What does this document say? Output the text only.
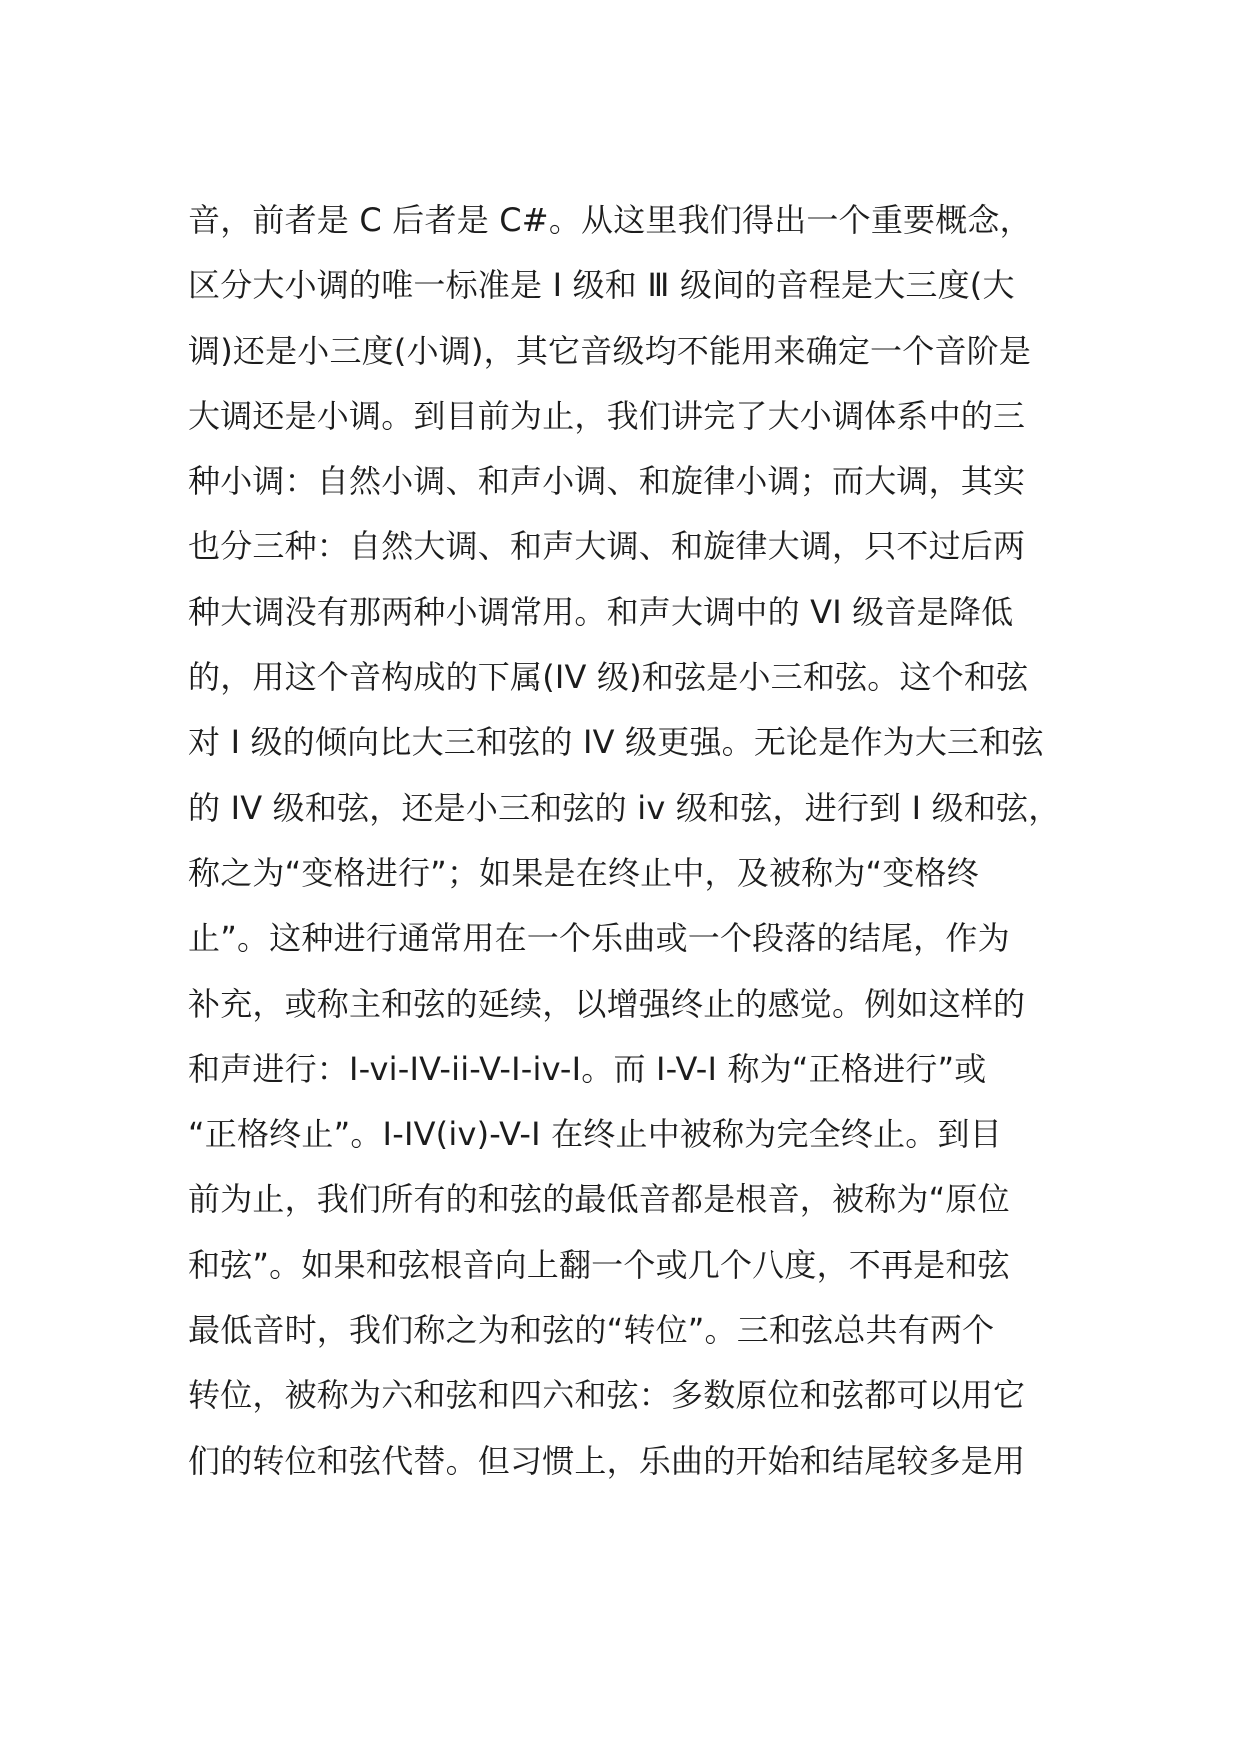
音，前者是 C 后者是 C#。从这里我们得出一个重要概念，
区分大小调的唯一标准是 I 级和 Ⅲ 级间的音程是大三度(大
调)还是小三度(小调)，其它音级均不能用来确定一个音阶是
大调还是小调。到目前为止，我们讲完了大小调体系中的三
种小调：自然小调、和声小调、和旋律小调；而大调，其实
也分三种：自然大调、和声大调、和旋律大调，只不过后两
种大调没有那两种小调常用。和声大调中的 VI 级音是降低
的，用这个音构成的下属(IV 级)和弦是小三和弦。这个和弦
对 I 级的倾向比大三和弦的 IV 级更强。无论是作为大三和弦
的 IV 级和弦，还是小三和弦的 iv 级和弦，进行到 I 级和弦，
称之为“变格进行”；如果是在终止中，及被称为“变格终
止”。这种进行通常用在一个乐曲或一个段落的结尾，作为
补充，或称主和弦的延续，以增强终止的感觉。例如这样的
和声进行：I-vi-IV-ii-V-I-iv-I。而 I-V-I 称为“正格进行”或
“正格终止”。I-IV(iv)-V-I 在终止中被称为完全终止。到目
前为止，我们所有的和弦的最低音都是根音，被称为“原位
和弦”。如果和弦根音向上翻一个或几个八度，不再是和弦
最低音时，我们称之为和弦的“转位”。三和弦总共有两个
转位，被称为六和弦和四六和弦：多数原位和弦都可以用它
们的转位和弦代替。但习惯上，乐曲的开始和结尾较多是用
